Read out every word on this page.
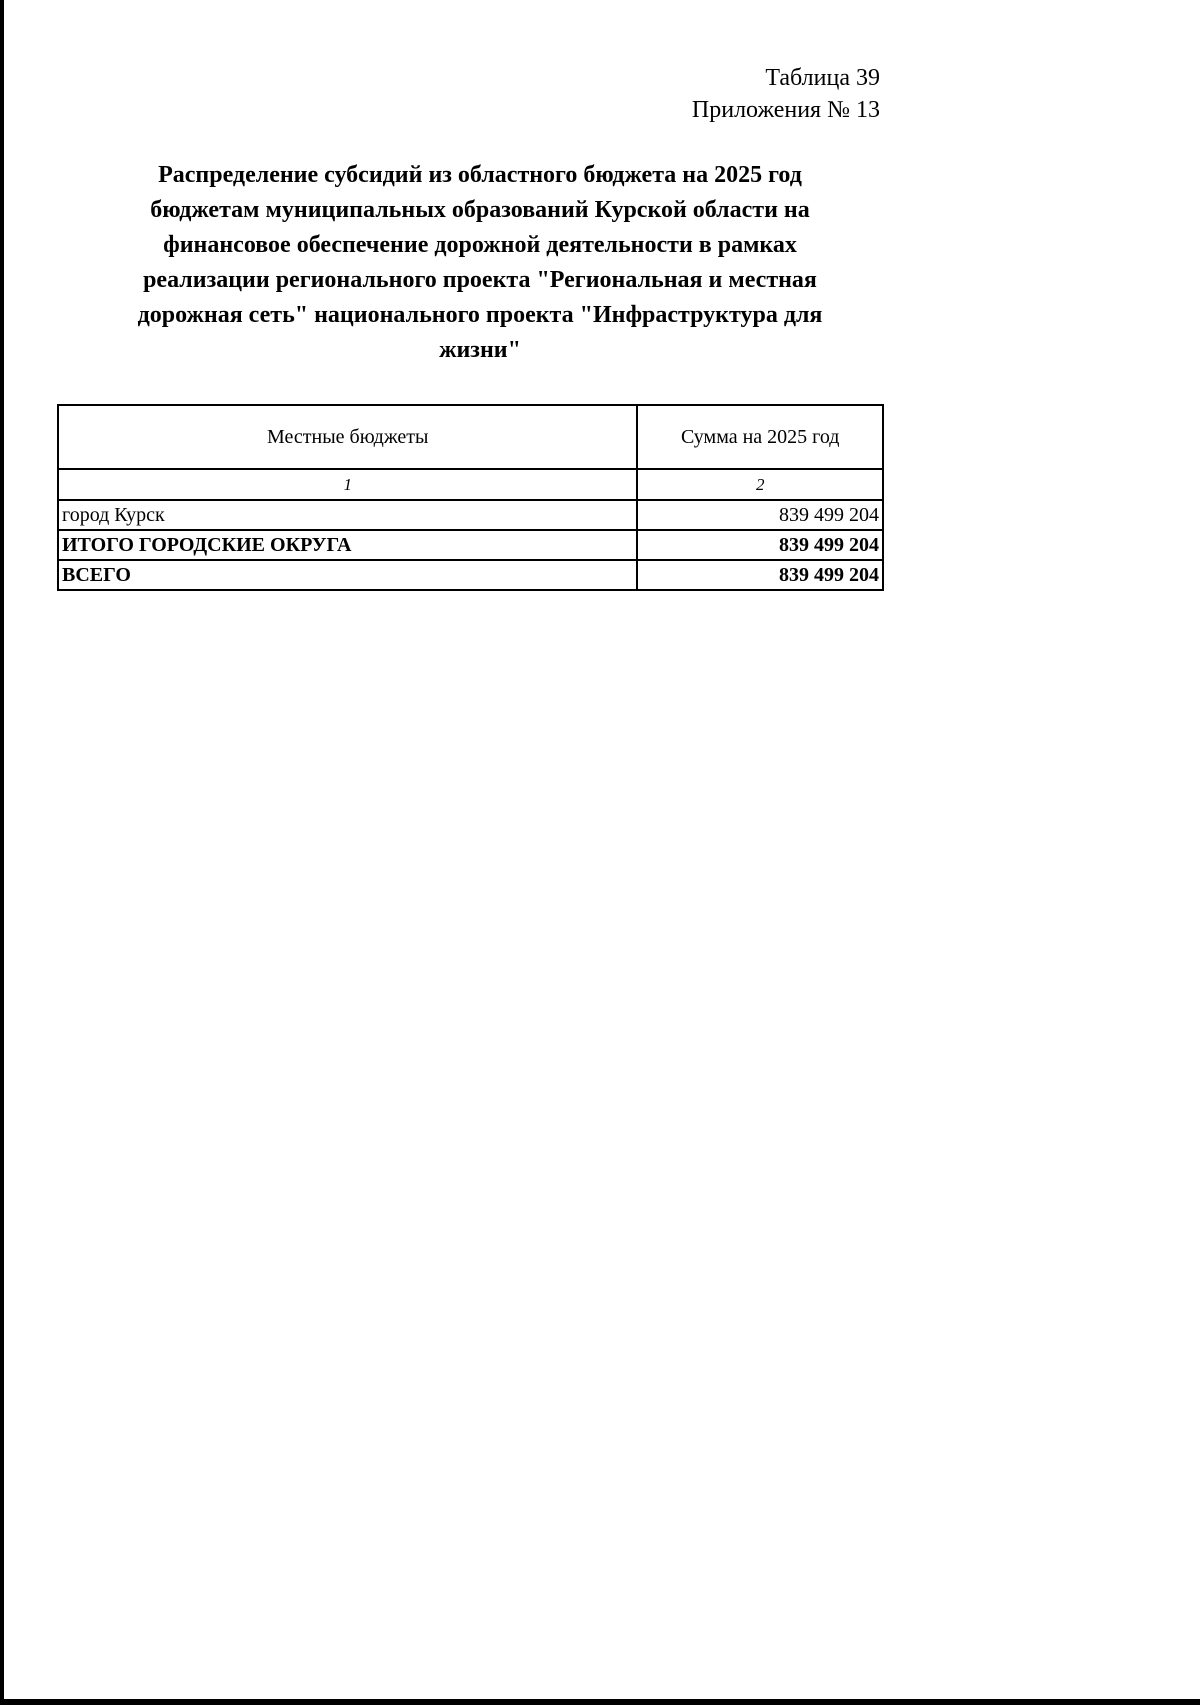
Таблица 39
Приложения № 13
Распределение субсидий из областного бюджета на 2025 год
бюджетам муниципальных образований Курской области на
финансовое обеспечение дорожной деятельности в рамках
реализации регионального проекта "Региональная и местная
дорожная сеть" национального проекта "Инфраструктура для
жизни"
Местные бюджеты	Сумма на 2025 год
1	2
город Курск	839 499 204
ИТОГО ГОРОДСКИЕ ОКРУГА	839 499 204
ВСЕГО	839 499 204
